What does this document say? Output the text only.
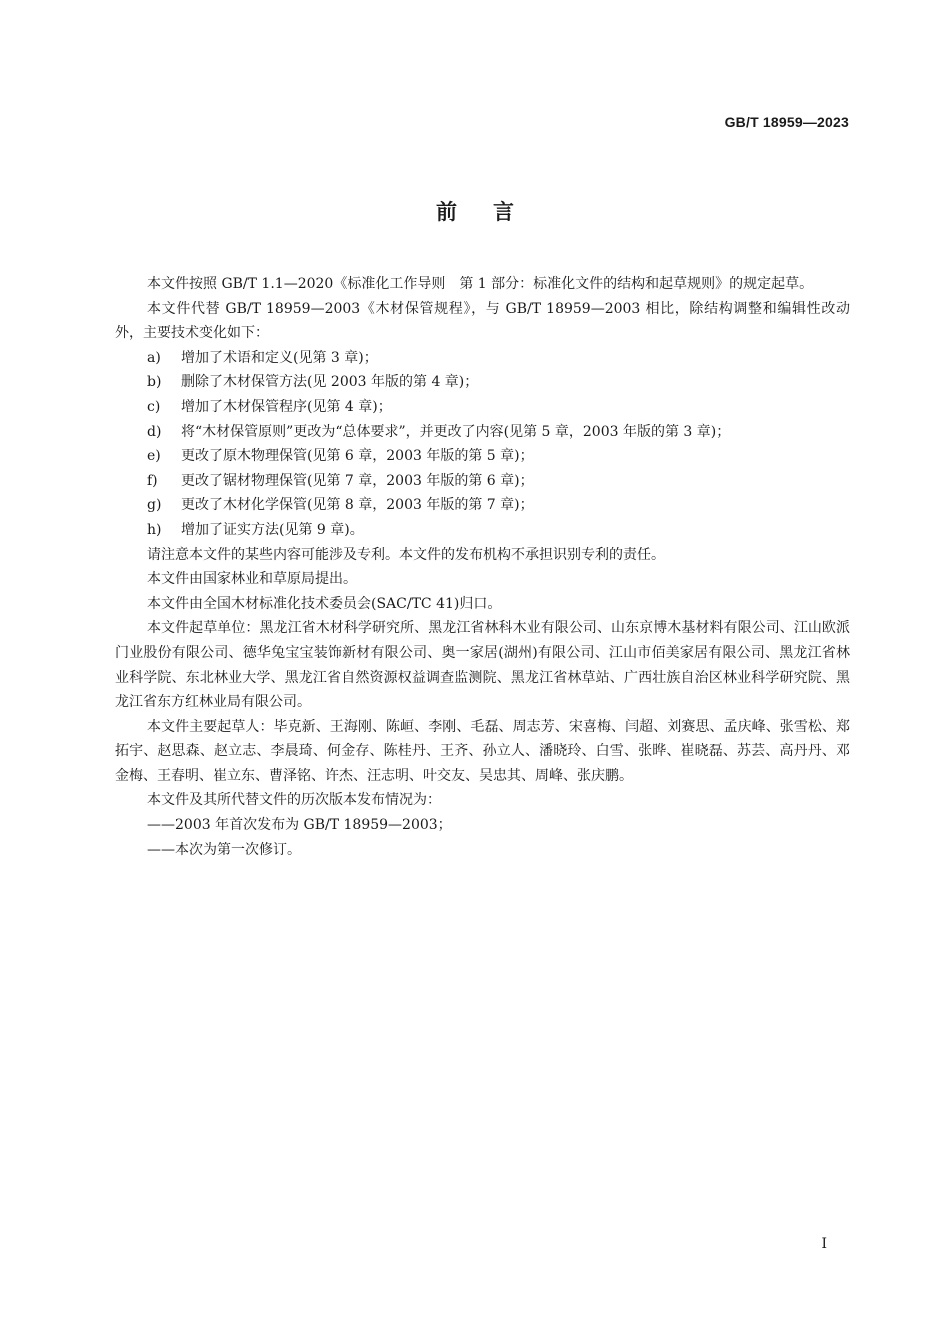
GB/T 18959—2023
前言

本文件按照 GB/T 1.1—2020《标准化工作导则　第 1 部分：标准化文件的结构和起草规则》的规定起草。

本文件代替 GB/T 18959—2003《木材保管规程》，与 GB/T 18959—2003 相比，除结构调整和编辑性改动外，主要技术变化如下：

a)	增加了术语和定义(见第 3 章)；

b)	删除了木材保管方法(见 2003 年版的第 4 章)；

c)	增加了木材保管程序(见第 4 章)；

d)	将“木材保管原则”更改为“总体要求”，并更改了内容(见第 5 章，2003 年版的第 3 章)；

e)	更改了原木物理保管(见第 6 章，2003 年版的第 5 章)；

f)	更改了锯材物理保管(见第 7 章，2003 年版的第 6 章)；

g)	更改了木材化学保管(见第 8 章，2003 年版的第 7 章)；

h)	增加了证实方法(见第 9 章)。

请注意本文件的某些内容可能涉及专利。本文件的发布机构不承担识别专利的责任。

本文件由国家林业和草原局提出。

本文件由全国木材标准化技术委员会(SAC/TC 41)归口。

本文件起草单位：黑龙江省木材科学研究所、黑龙江省林科木业有限公司、山东京博木基材料有限公司、江山欧派门业股份有限公司、德华兔宝宝装饰新材有限公司、奥一家居(湖州)有限公司、江山市佰美家居有限公司、黑龙江省林业科学院、东北林业大学、黑龙江省自然资源权益调查监测院、黑龙江省林草站、广西壮族自治区林业科学研究院、黑龙江省东方红林业局有限公司。

本文件主要起草人：毕克新、王海刚、陈峘、李刚、毛磊、周志芳、宋喜梅、闫超、刘赛思、孟庆峰、张雪松、郑拓宇、赵思森、赵立志、李晨琦、何金存、陈桂丹、王齐、孙立人、潘晓玲、白雪、张晔、崔晓磊、苏芸、高丹丹、邓金梅、王春明、崔立东、曹泽铭、许杰、汪志明、叶交友、吴忠其、周峰、张庆鹏。

本文件及其所代替文件的历次版本发布情况为：

——2003 年首次发布为 GB/T 18959—2003；

——本次为第一次修订。

I
